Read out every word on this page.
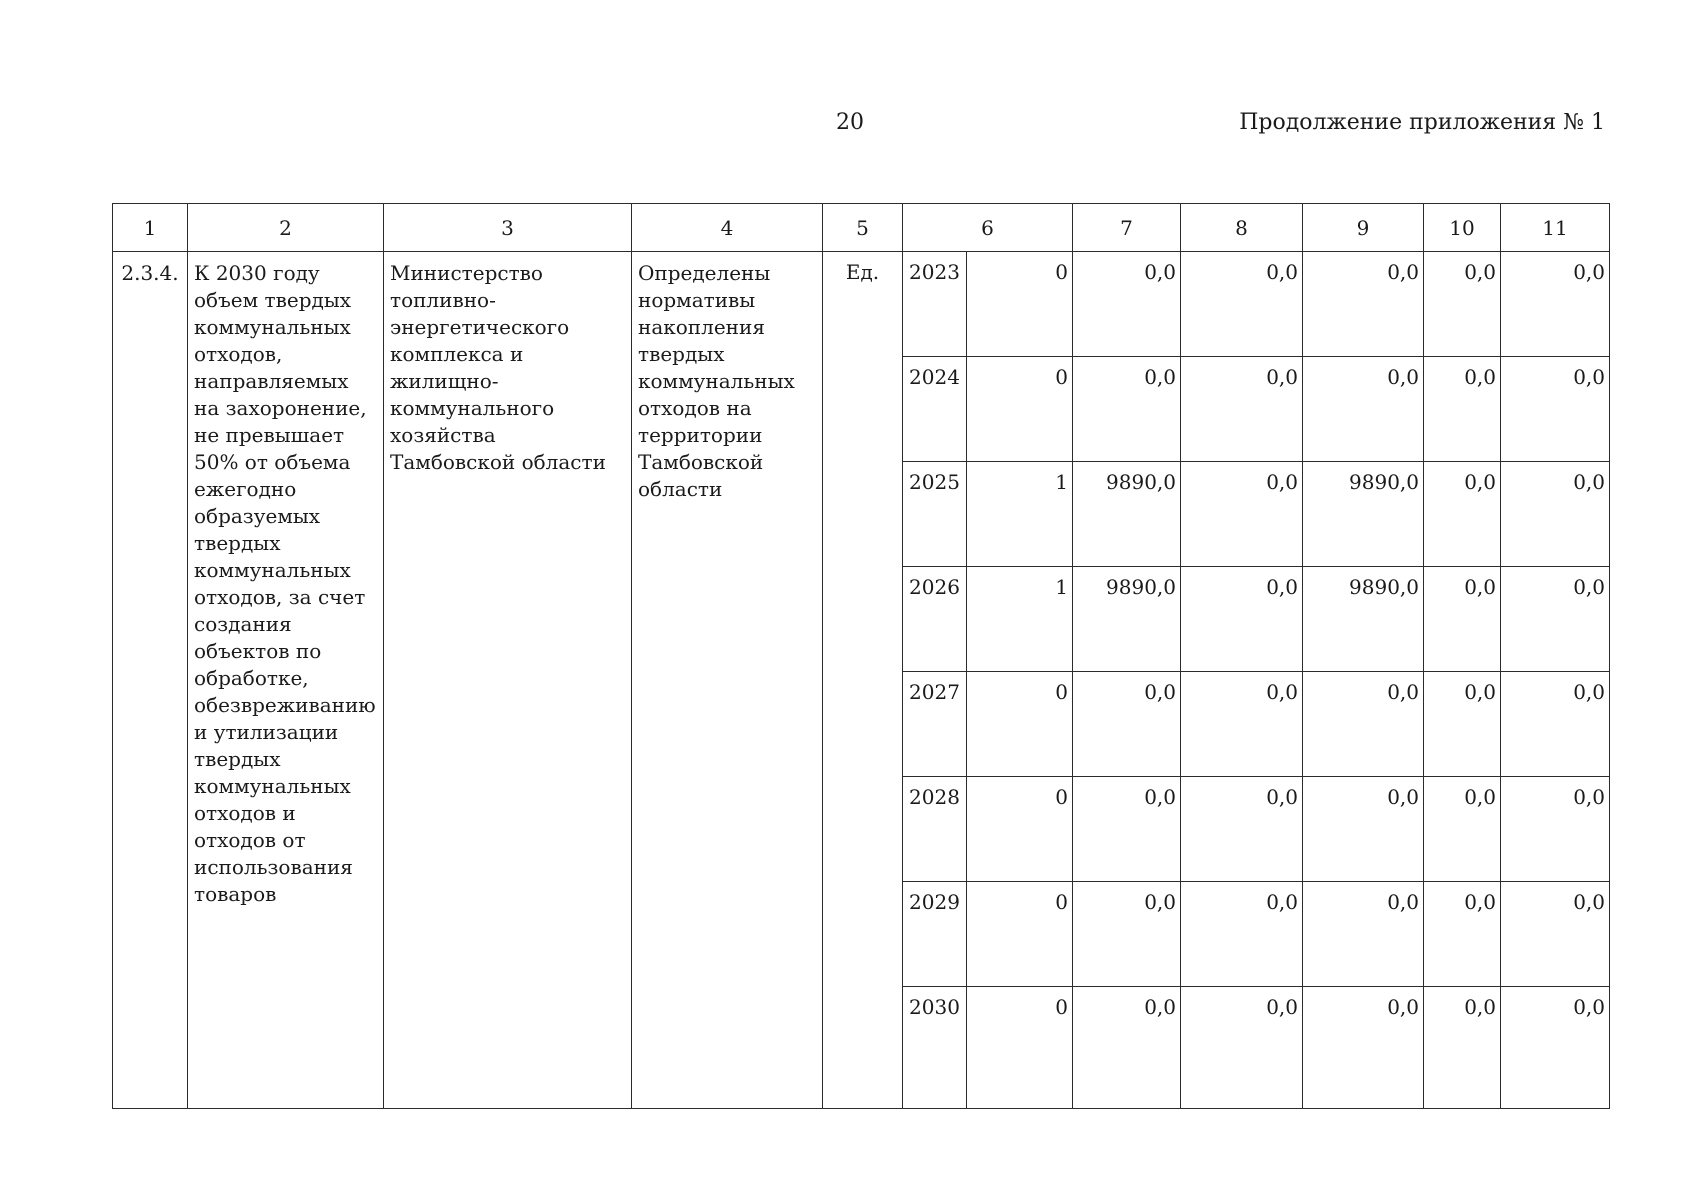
20	Продолжение приложения № 1
1	2	3	4	5	6		7	8	9	10	11
2.3.4.	К 2030 году объем твердых коммунальных отходов, направляемых на захоронение, не превышает 50% от объема ежегодно образуемых твердых коммунальных отходов, за счет создания объектов по обработке, обезвреживанию и утилизации твердых коммунальных отходов и отходов от использования товаров	Министерство топливно-энергетического комплекса и жилищно-коммунального хозяйства Тамбовской области	Определены нормативы накопления твердых коммунальных отходов на территории Тамбовской области	Ед.	2023	0	0,0	0,0	0,0	0,0	0,0
					2024	0	0,0	0,0	0,0	0,0	0,0
					2025	1	9890,0	0,0	9890,0	0,0	0,0
					2026	1	9890,0	0,0	9890,0	0,0	0,0
					2027	0	0,0	0,0	0,0	0,0	0,0
					2028	0	0,0	0,0	0,0	0,0	0,0
					2029	0	0,0	0,0	0,0	0,0	0,0
					2030	0	0,0	0,0	0,0	0,0	0,0
